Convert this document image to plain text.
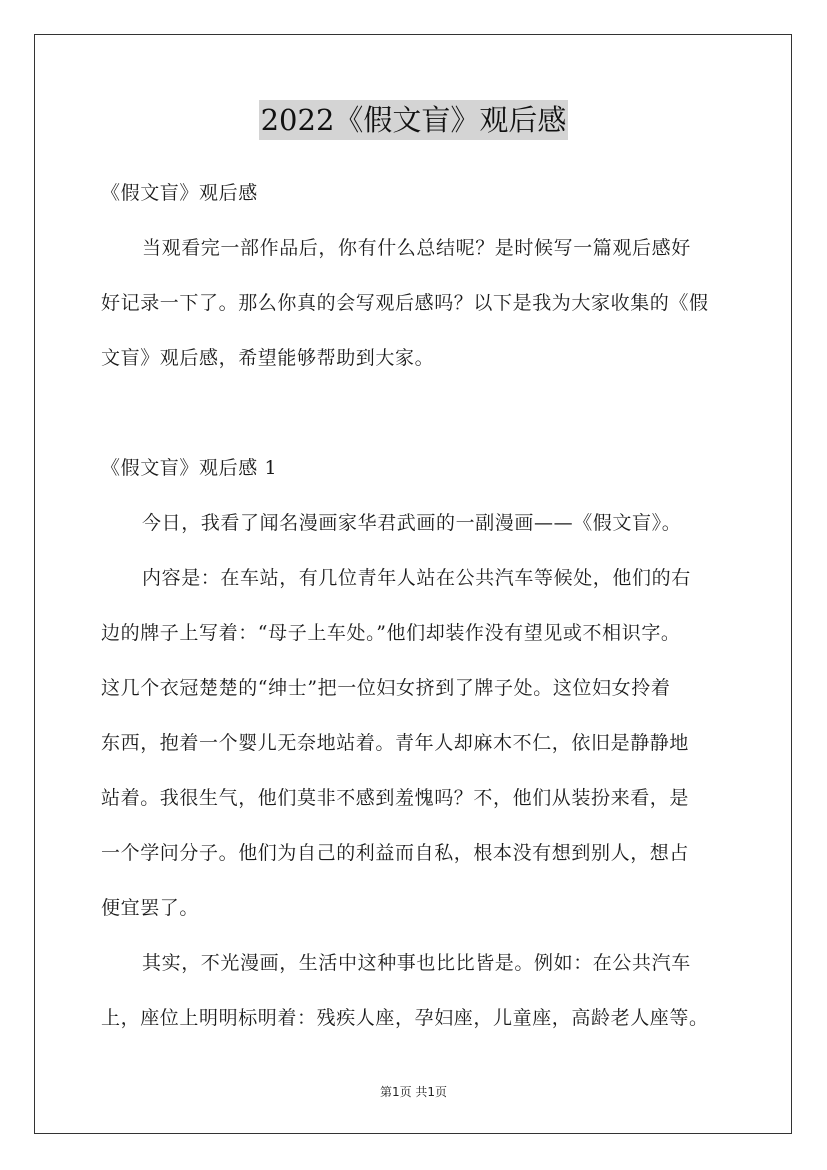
2022《假文盲》观后感
《假文盲》观后感
当观看完一部作品后，你有什么总结呢？是时候写一篇观后感好
好记录一下了。那么你真的会写观后感吗？以下是我为大家收集的《假
文盲》观后感，希望能够帮助到大家。
《假文盲》观后感 1
今日，我看了闻名漫画家华君武画的一副漫画——《假文盲》。
内容是：在车站，有几位青年人站在公共汽车等候处，他们的右
边的牌子上写着：“母子上车处。”他们却装作没有望见或不相识字。
这几个衣冠楚楚的“绅士”把一位妇女挤到了牌子处。这位妇女拎着
东西，抱着一个婴儿无奈地站着。青年人却麻木不仁，依旧是静静地
站着。我很生气，他们莫非不感到羞愧吗？不，他们从装扮来看，是
一个学问分子。他们为自己的利益而自私，根本没有想到别人，想占
便宜罢了。
其实，不光漫画，生活中这种事也比比皆是。例如：在公共汽车
上，座位上明明标明着：残疾人座，孕妇座，儿童座，高龄老人座等。
第1页 共1页
